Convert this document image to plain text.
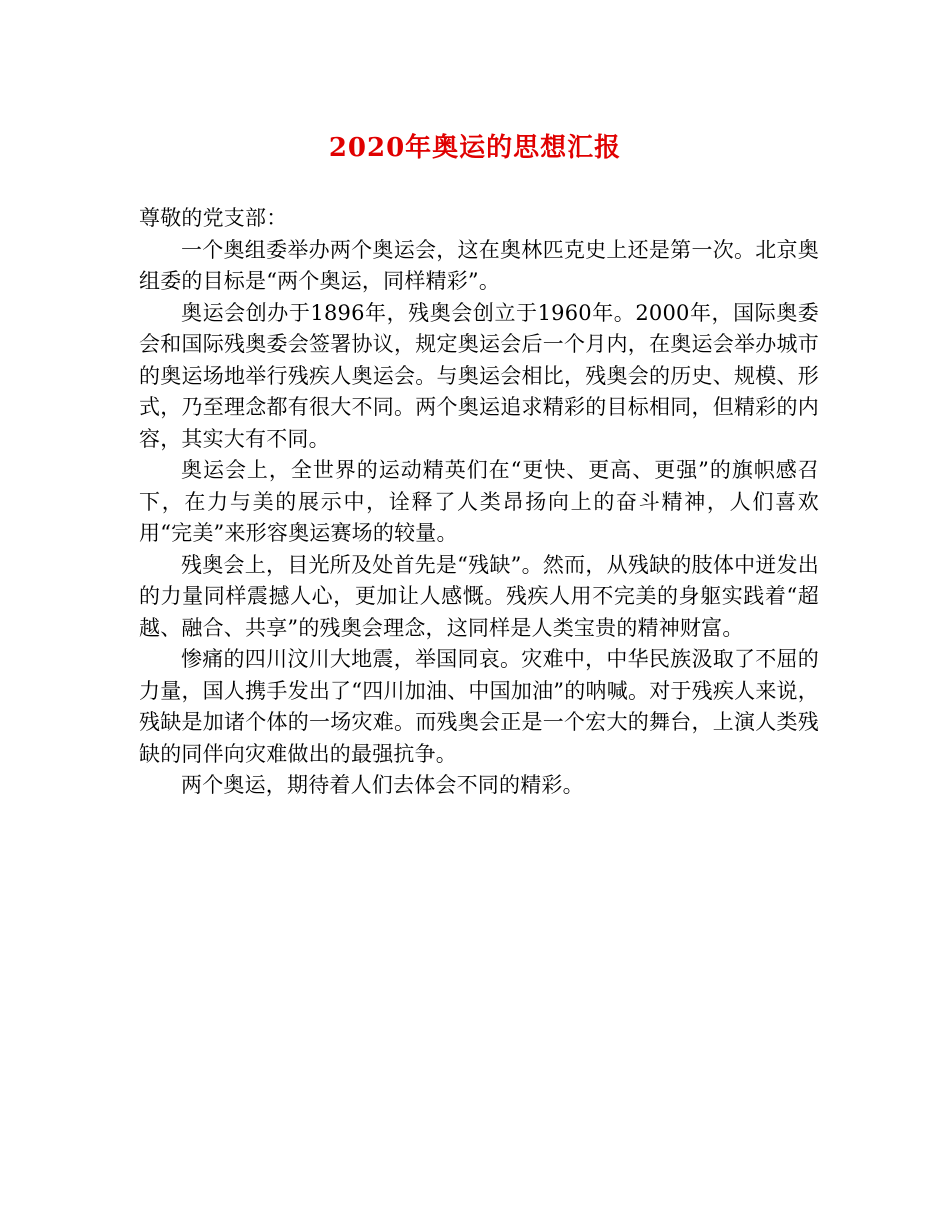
2020年奥运的思想汇报

尊敬的党支部：

一个奥组委举办两个奥运会，这在奥林匹克史上还是第一次。北京奥组委的目标是“两个奥运，同样精彩”。

奥运会创办于1896年，残奥会创立于1960年。2000年，国际奥委会和国际残奥委会签署协议，规定奥运会后一个月内，在奥运会举办城市的奥运场地举行残疾人奥运会。与奥运会相比，残奥会的历史、规模、形式，乃至理念都有很大不同。两个奥运追求精彩的目标相同，但精彩的内容，其实大有不同。

奥运会上，全世界的运动精英们在“更快、更高、更强”的旗帜感召下，在力与美的展示中，诠释了人类昂扬向上的奋斗精神，人们喜欢用“完美”来形容奥运赛场的较量。

残奥会上，目光所及处首先是“残缺”。然而，从残缺的肢体中迸发出的力量同样震撼人心，更加让人感慨。残疾人用不完美的身躯实践着“超越、融合、共享”的残奥会理念，这同样是人类宝贵的精神财富。

惨痛的四川汶川大地震，举国同哀。灾难中，中华民族汲取了不屈的力量，国人携手发出了“四川加油、中国加油”的呐喊。对于残疾人来说，残缺是加诸个体的一场灾难。而残奥会正是一个宏大的舞台，上演人类残缺的同伴向灾难做出的最强抗争。

两个奥运，期待着人们去体会不同的精彩。
